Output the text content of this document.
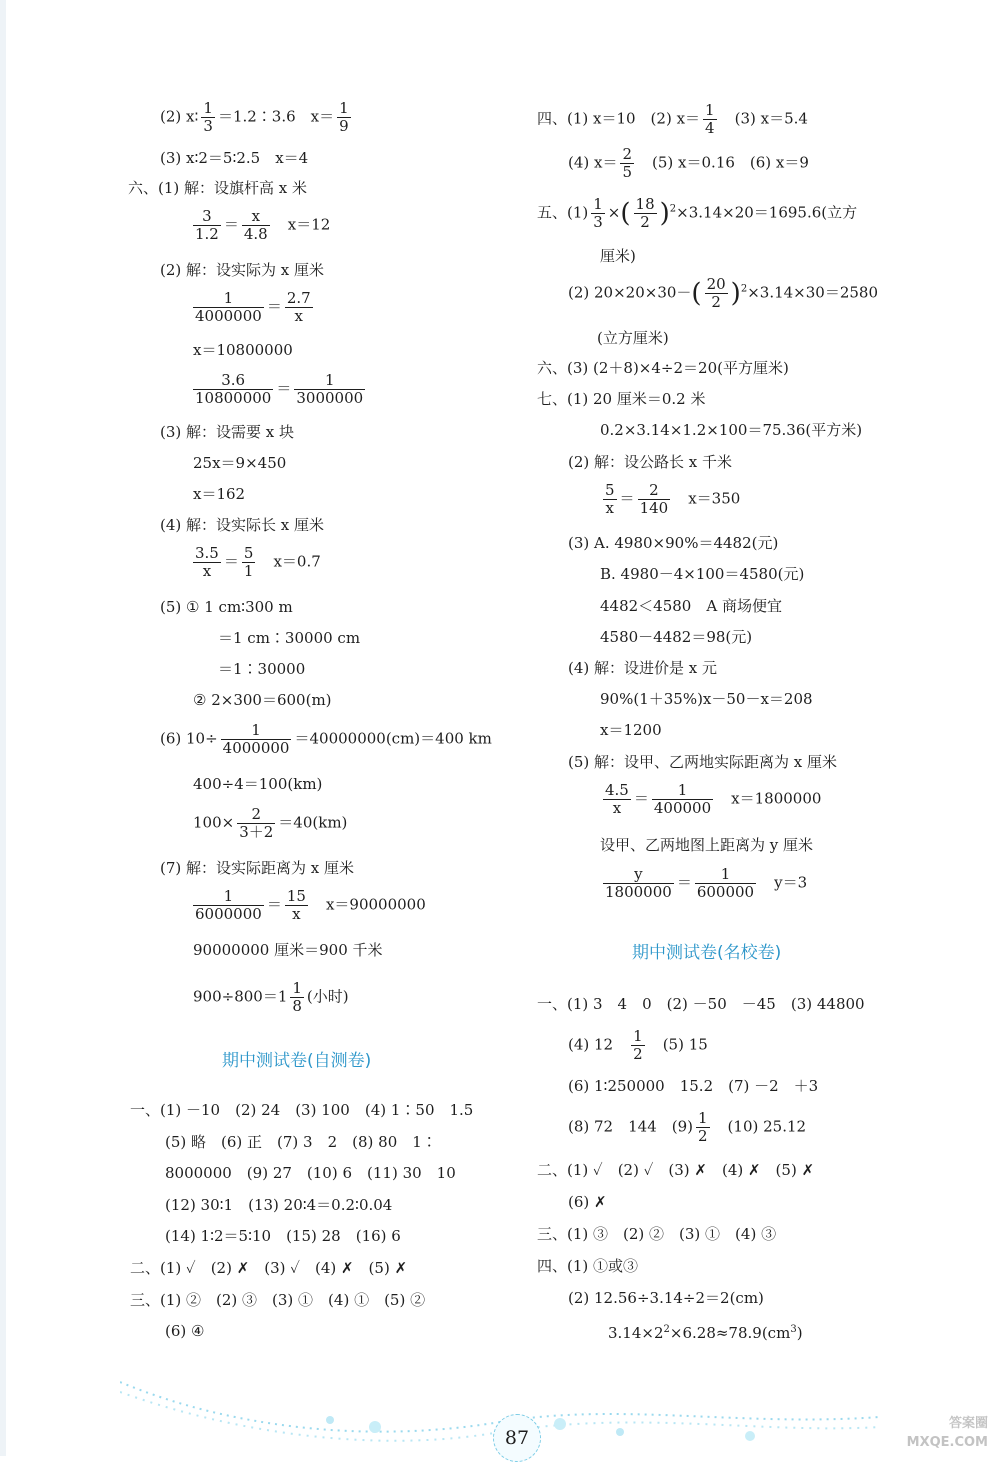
(2) x∶ $\frac{1}{3}$ ＝1.2∶3.6　$x= \frac{1}{9}$
(3) x∶2＝5∶2.5　x＝4
六、(1) 解：设旗杆高 x 米
$\frac{3}{1.2} = \frac{x}{4.8}$
　 x＝12
(2) 解：设实际为 x 厘米
$\frac{1}{4000000} = \frac{2.7}{x}$
x＝10800000
$\frac{3.6}{10800000} = \frac{1}{3000000}$
(3) 解：设需要 x 块
25x＝9×450
x＝162
(4) 解：设实际长 x 厘米
$\frac{3.5}{x} = \frac{5}{1}$
　 x＝0.7
(5) ① 1 cm∶300 m
＝1 cm∶30000 cm
＝1∶30000
② 2×300＝600(m)
(6) $10\div \frac{1}{4000000} =40000000(cm)=400$ km
400÷4＝100(km)
$100\times \frac{2}{3+2} =40(km)$
(7) 解：设实际距离为 x 厘米
$\frac{1}{6000000} = \frac{15}{x}$
　 x＝90000000
90000000 厘米＝900 千米
$900\div 800=1 \frac{1}{8}$ (小时)
期中测试卷(自测卷)
一、(1) －10　(2) 24　(3) 100　(4) 1∶50　1.5
(5) 略　(6) 正　(7) 3　2　(8) 80　1∶
8000000　(9) 27　(10) 6　(11) 30　10
(12) 30∶1　(13) 20∶4＝0.2∶0.04
(14) 1∶2＝5∶10　(15) 28　(16) 6
二、(1) ✓　(2) ✗　(3) ✓　(4) ✗　(5) ✗
三、(1) ②　(2) ③　(3) ①　(4) ①　(5) ②
(6) ④
四、(1) x＝10　(2) $x= \frac{1}{4}$ 　(3) x＝5.4
(4) $x= \frac{2}{5}$ 　(5) x＝0.16　(6) x＝9
五、$(1) \frac{1}{3}$ ×( $\frac{18}{2} )^2\times 3.14\times 20=1695.6$(立方
厘米)
(2) $20\times 20\times 30-( \frac{20}{2} )^2\times 3.14\times 30=2580$
(立方厘米)
六、(3) (2＋8)×4÷2＝20(平方厘米)
七、(1) 20 厘米＝0.2 米
0.2×3.14×1.2×100＝75.36(平方米)
(2) 解：设公路长 x 千米
$\frac{5}{x} = \frac{2}{140}$
　 x＝350
(3) A. 4980×90%＝4482(元)
B. 4980－4×100＝4580(元)
4482＜4580　A 商场便宜
4580－4482＝98(元)
(4) 解：设进价是 x 元
90%(1＋35%)x－50－x＝208
x＝1200
(5) 解：设甲、乙两地实际距离为 x 厘米
$\frac{4.5}{x} = \frac{1}{400000}$
　 x＝1800000
设甲、乙两地图上距离为 y 厘米
$\frac{y}{1800000} = \frac{1}{600000}$
　 y＝3
期中测试卷(名校卷)
一、(1) 3　4　0　(2) －50　－45　(3) 44800
(4) 12　 $\frac{1}{2}$
　 (5) 15
(6) 1∶250000　15.2　(7) －2　＋3
(8) 72　144　$(9) \frac{1}{2}$
　 (10) 25.12
二、(1) ✓　(2) ✓　(3) ✗　(4) ✗　(5) ✗
(6) ✗
三、(1) ③　(2) ②　(3) ①　(4) ③
四、(1) ①或③
(2) 12.56÷3.14÷2＝2(cm)
$3.14\times 2^2\times 6.28\approx 78.9(cm^3)$
87
答案圈
MXQE.COM
